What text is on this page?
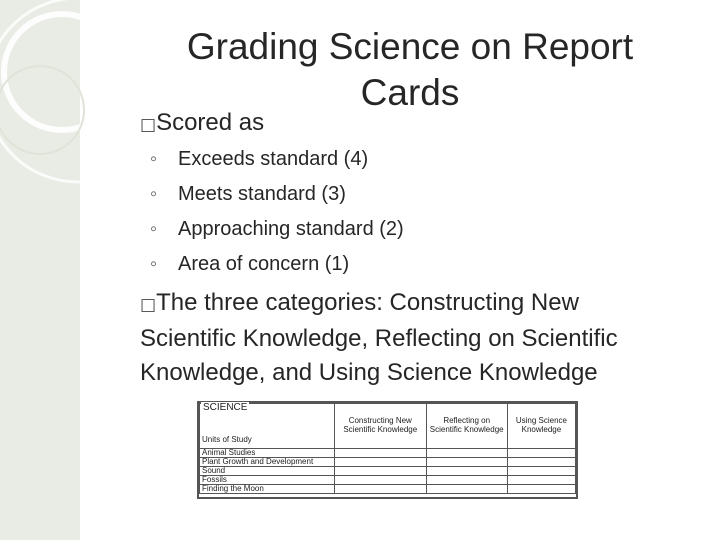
Grading Science on Report
Cards
□Scored as
◦ Exceeds standard (4)
◦ Meets standard (3)
◦ Approaching standard (2)
◦ Area of concern (1)
□The three categories: Constructing New Scientific Knowledge, Reflecting on Scientific Knowledge, and Using Science Knowledge
SCIENCE
Units of Study	Constructing New Scientific Knowledge	Reflecting on Scientific Knowledge	Using Science Knowledge
Animal Studies			
Plant Growth and Development			
Sound			
Fossils			
Finding the Moon			
